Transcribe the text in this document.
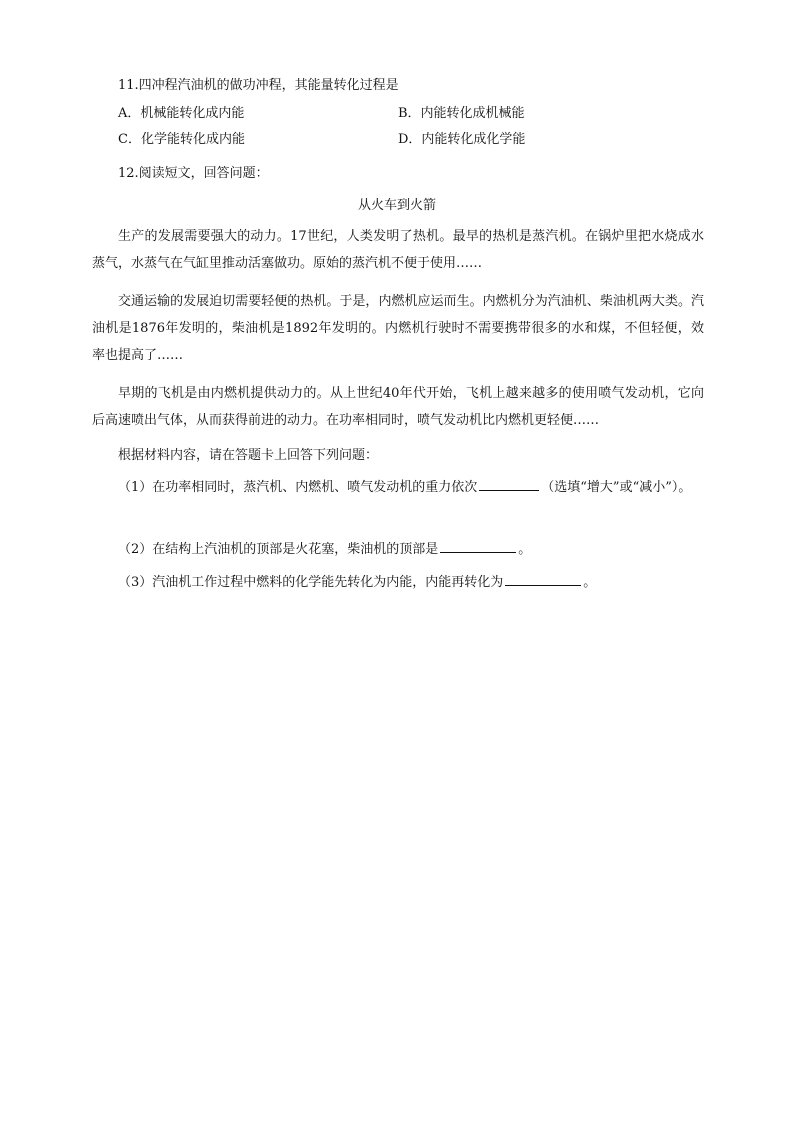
11.四冲程汽油机的做功冲程，其能量转化过程是
A．机械能转化成内能	B．内能转化成机械能
C．化学能转化成内能	D．内能转化成化学能
12.阅读短文，回答问题：
从火车到火箭
生产的发展需要强大的动力。17世纪，人类发明了热机。最早的热机是蒸汽机。在锅炉里把水烧成水蒸气，水蒸气在气缸里推动活塞做功。原始的蒸汽机不便于使用……
交通运输的发展迫切需要轻便的热机。于是，内燃机应运而生。内燃机分为汽油机、柴油机两大类。汽油机是1876年发明的，柴油机是1892年发明的。内燃机行驶时不需要携带很多的水和煤，不但轻便，效率也提高了……
早期的飞机是由内燃机提供动力的。从上世纪40年代开始，飞机上越来越多的使用喷气发动机，它向后高速喷出气体，从而获得前进的动力。在功率相同时，喷气发动机比内燃机更轻便……
根据材料内容，请在答题卡上回答下列问题：
（1）在功率相同时，蒸汽机、内燃机、喷气发动机的重力依次	（选填“增大”或“减小”）。
（2）在结构上汽油机的顶部是火花塞，柴油机的顶部是	。
（3）汽油机工作过程中燃料的化学能先转化为内能，内能再转化为	。
